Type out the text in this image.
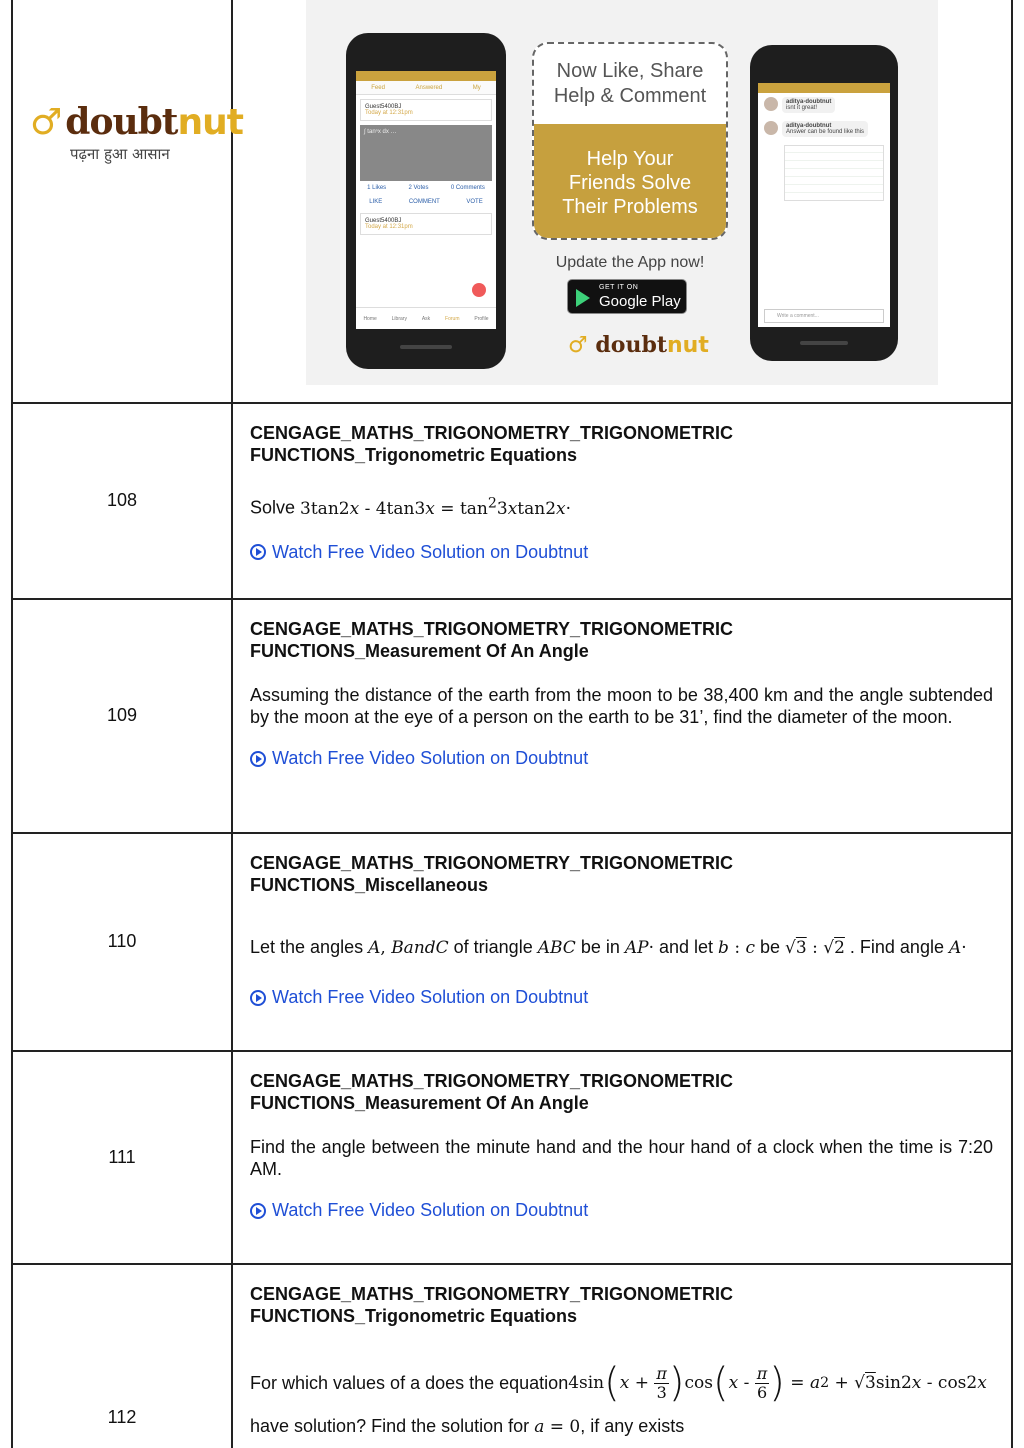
♂ doubtnut
पढ़ना हुआ आसान
Feed	Answered	My
Guest5400BJ
Today at 12:31pm
∫ tanⁿx dx …
1 Likes	2 Votes	0 Comments
LIKE	COMMENT	VOTE
Guest5400BJ
Today at 12:31pm
Home	Library	Ask	Forum	Profile
Now Like, Share
Help & Comment
Help Your
Friends Solve
Their Problems
Update the App now!
GET IT ON
Google Play
♂ doubtnut
aditya-doubtnut
isnt it great!
aditya-doubtnut
Answer can be found like this
Write a comment...
108
CENGAGE_MATHS_TRIGONOMETRY_TRIGONOMETRIC
FUNCTIONS_Trigonometric Equations
Solve $3\tan 2x - 4\tan 3x = \tan^23xtan2x\cdot$
Watch Free Video Solution on Doubtnut
109
CENGAGE_MATHS_TRIGONOMETRY_TRIGONOMETRIC
FUNCTIONS_Measurement Of An Angle
Assuming the distance of the earth from the moon to be 38,400 km and the angle subtended by the moon at the eye of a person on the earth to be 31’, find the diameter of the moon.
Watch Free Video Solution on Doubtnut
110
CENGAGE_MATHS_TRIGONOMETRY_TRIGONOMETRIC
FUNCTIONS_Miscellaneous
Let the angles A, BandC of triangle ABC be in AP· and let b : c be √3 : √2 . Find angle A·
Watch Free Video Solution on Doubtnut
111
CENGAGE_MATHS_TRIGONOMETRY_TRIGONOMETRIC
FUNCTIONS_Measurement Of An Angle
Find the angle between the minute hand and the hour hand of a clock when the time is 7:20 AM.
Watch Free Video Solution on Doubtnut
112
CENGAGE_MATHS_TRIGONOMETRY_TRIGONOMETRIC
FUNCTIONS_Trigonometric Equations
For which values of a does the equation 4sin ( $x + \frac{\pi}{3}$ ) cos ( x - $\frac{\pi}{6}$ ) = a 2 + √ 3 sin2 x - cos2 x
have solution? Find the solution for a = 0, if any exists
